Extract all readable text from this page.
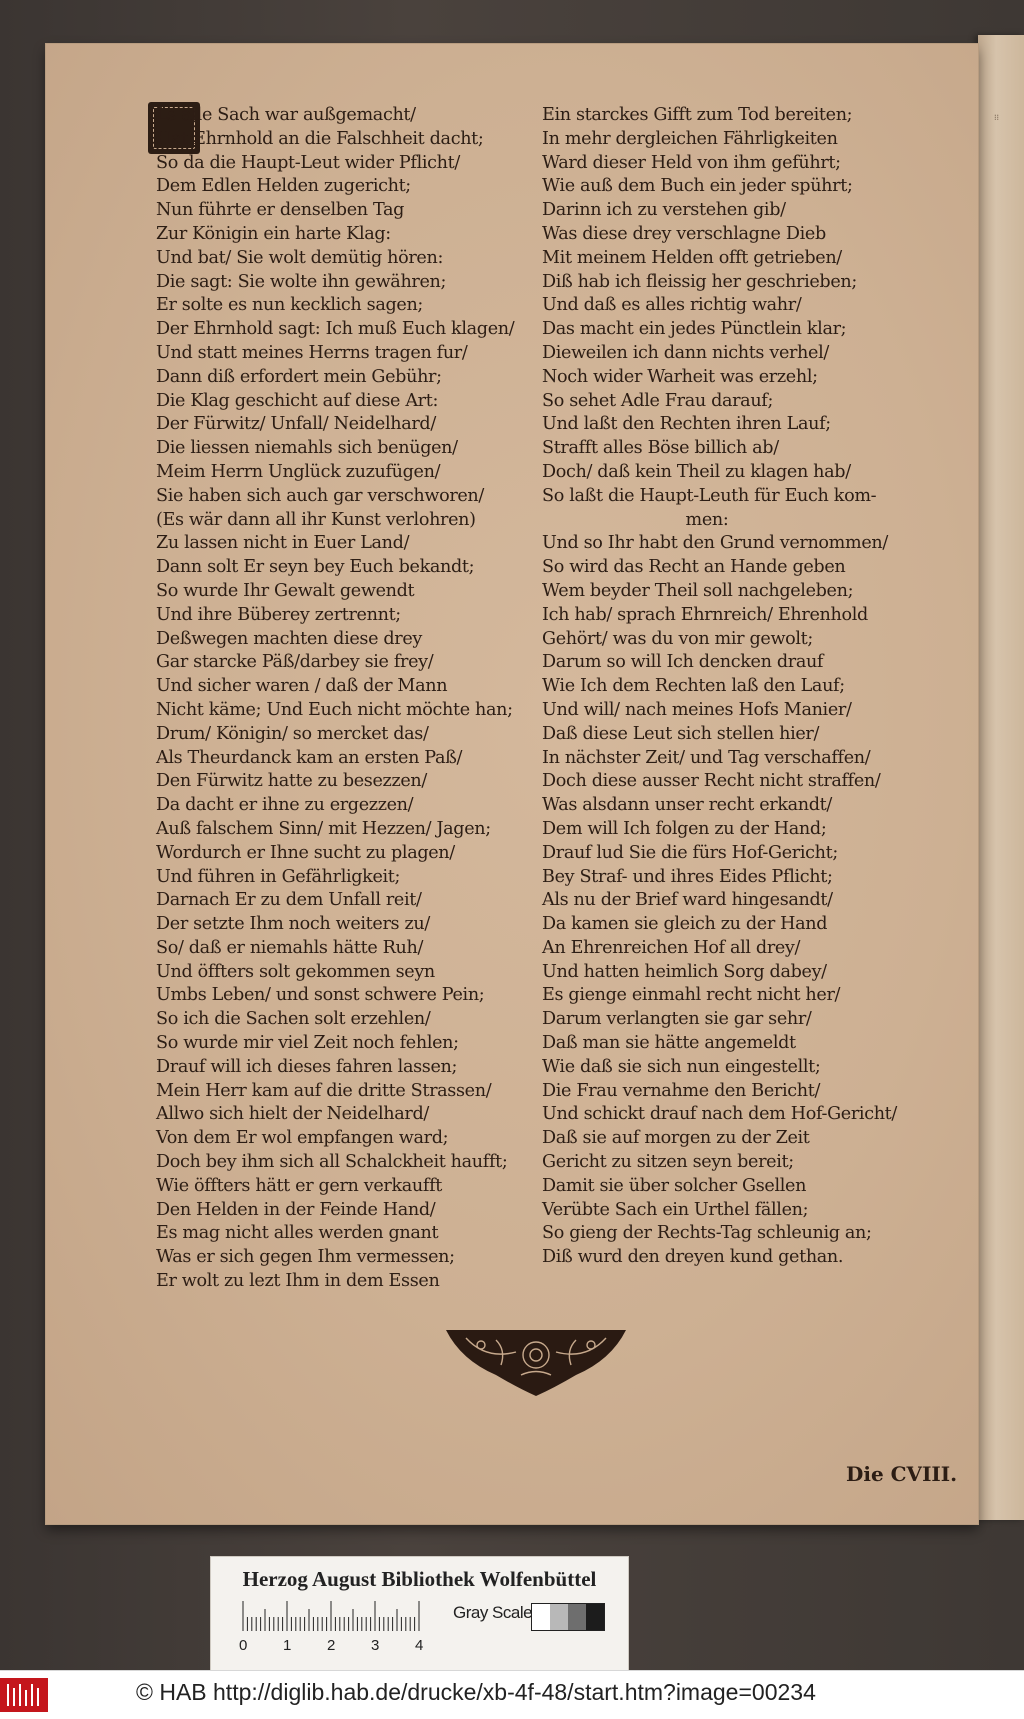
⁝⁝
Ls alle Sach war außgemacht/
Hat Ehrnhold an die Falschheit dacht;
So da die Haupt-Leut wider Pflicht/
Dem Edlen Helden zugericht;
Nun führte er denselben Tag
Zur Königin ein harte Klag:
Und bat/ Sie wolt demütig hören:
Die sagt: Sie wolte ihn gewähren;
Er solte es nun kecklich sagen;
Der Ehrnhold sagt: Ich muß Euch klagen/
Und statt meines Herrns tragen fur/
Dann diß erfordert mein Gebühr;
Die Klag geschicht auf diese Art:
Der Fürwitz/ Unfall/ Neidelhard/
Die liessen niemahls sich benügen/
Meim Herrn Unglück zuzufügen/
Sie haben sich auch gar verschworen/
(Es wär dann all ihr Kunst verlohren)
Zu lassen nicht in Euer Land/
Dann solt Er seyn bey Euch bekandt;
So wurde Ihr Gewalt gewendt
Und ihre Büberey zertrennt;
Deßwegen machten diese drey
Gar starcke Päß/darbey sie frey/
Und sicher waren / daß der Mann
Nicht käme; Und Euch nicht möchte han;
Drum/ Königin/ so mercket das/
Als Theurdanck kam an ersten Paß/
Den Fürwitz hatte zu besezzen/
Da dacht er ihne zu ergezzen/
Auß falschem Sinn/ mit Hezzen/ Jagen;
Wordurch er Ihne sucht zu plagen/
Und führen in Gefährligkeit;
Darnach Er zu dem Unfall reit/
Der setzte Ihm noch weiters zu/
So/ daß er niemahls hätte Ruh/
Und öffters solt gekommen seyn
Umbs Leben/ und sonst schwere Pein;
So ich die Sachen solt erzehlen/
So wurde mir viel Zeit noch fehlen;
Drauf will ich dieses fahren lassen;
Mein Herr kam auf die dritte Strassen/
Allwo sich hielt der Neidelhard/
Von dem Er wol empfangen ward;
Doch bey ihm sich all Schalckheit haufft;
Wie öffters hätt er gern verkaufft
Den Helden in der Feinde Hand/
Es mag nicht alles werden gnant
Was er sich gegen Ihm vermessen;
Er wolt zu lezt Ihm in dem Essen
Ein starckes Gifft zum Tod bereiten;
In mehr dergleichen Fährligkeiten
Ward dieser Held von ihm geführt;
Wie auß dem Buch ein jeder spührt;
Darinn ich zu verstehen gib/
Was diese drey verschlagne Dieb
Mit meinem Helden offt getrieben/
Diß hab ich fleissig her geschrieben;
Und daß es alles richtig wahr/
Das macht ein jedes Pünctlein klar;
Dieweilen ich dann nichts verhel/
Noch wider Warheit was erzehl;
So sehet Adle Frau darauf;
Und laßt den Rechten ihren Lauf;
Strafft alles Böse billich ab/
Doch/ daß kein Theil zu klagen hab/
So laßt die Haupt-Leuth für Euch kom-
men:
Und so Ihr habt den Grund vernommen/
So wird das Recht an Hande geben
Wem beyder Theil soll nachgeleben;
Ich hab/ sprach Ehrnreich/ Ehrenhold
Gehört/ was du von mir gewolt;
Darum so will Ich dencken drauf
Wie Ich dem Rechten laß den Lauf;
Und will/ nach meines Hofs Manier/
Daß diese Leut sich stellen hier/
In nächster Zeit/ und Tag verschaffen/
Doch diese ausser Recht nicht straffen/
Was alsdann unser recht erkandt/
Dem will Ich folgen zu der Hand;
Drauf lud Sie die fürs Hof-Gericht;
Bey Straf- und ihres Eides Pflicht;
Als nu der Brief ward hingesandt/
Da kamen sie gleich zu der Hand
An Ehrenreichen Hof all drey/
Und hatten heimlich Sorg dabey/
Es gienge einmahl recht nicht her/
Darum verlangten sie gar sehr/
Daß man sie hätte angemeldt
Wie daß sie sich nun eingestellt;
Die Frau vernahme den Bericht/
Und schickt drauf nach dem Hof-Gericht/
Daß sie auf morgen zu der Zeit
Gericht zu sitzen seyn bereit;
Damit sie über solcher Gsellen
Verübte Sach ein Urthel fällen;
So gieng der Rechts-Tag schleunig an;
Diß wurd den dreyen kund gethan.
Die CVIII.
Herzog August Bibliothek Wolfenbüttel
0 1 2 3 4
Gray Scale
© HAB http://diglib.hab.de/drucke/xb-4f-48/start.htm?image=00234
